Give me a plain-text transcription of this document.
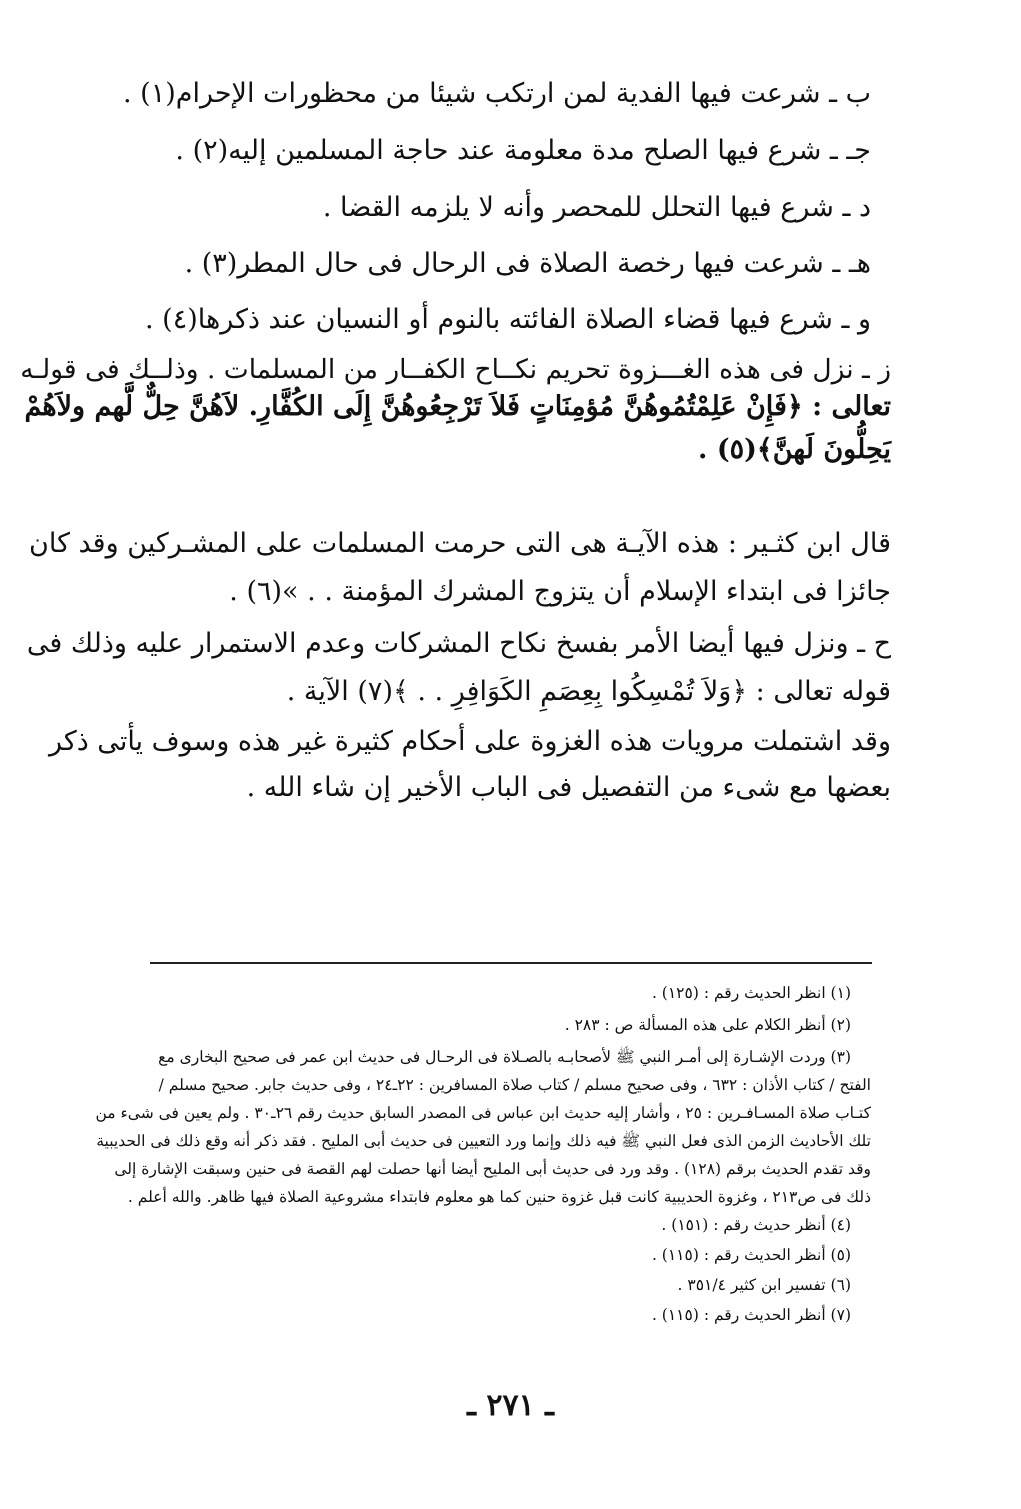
ب ـ شرعت فيها الفدية لمن ارتكب شيئا من محظورات الإحرام(١) .
جـ ـ شرع فيها الصلح مدة معلومة عند حاجة المسلمين إليه(٢) .
د ـ شرع فيها التحلل للمحصر وأنه لا يلزمه القضا .
هـ ـ شرعت فيها رخصة الصلاة فى الرحال فى حال المطر(٣) .
و ـ شرع فيها قضاء الصلاة الفائته بالنوم أو النسيان عند ذكرها(٤) .
ز ـ نزل فى هذه الغـــزوة تحريم نكــاح الكفــار من المسلمات . وذلــك فى قولـه
تعالى : ﴿فَإِنْ عَلِمْتُمُوهُنَّ مُؤمِنَاتٍ فَلاَ تَرْجِعُوهُنَّ إِلَى الكُفَّارِ. لاَهُنَّ حِلٌّ لَّهم ولاَهُمْ
يَحِلُّونَ لَهنَّ﴾(٥) .
قال ابن كثـير : هذه الآيـة هى التى حرمت المسلمات على المشـركين وقد كان
جائزا فى ابتداء الإسلام أن يتزوج المشرك المؤمنة . . »(٦) .
ح ـ ونزل فيها أيضا الأمر بفسخ نكاح المشركات وعدم الاستمرار عليه وذلك فى
قوله تعالى : ﴿وَلاَ تُمْسِكُوا بِعِصَمِ الكَوَافِرِ . . ﴾(٧) الآية .
وقد اشتملت مرويات هذه الغزوة على أحكام كثيرة غير هذه وسوف يأتى ذكر
بعضها مع شىء من التفصيل فى الباب الأخير إن شاء الله .
(١) انظر الحديث رقم : (١٢٥) .
(٢) أنظر الكلام على هذه المسألة ص : ٢٨٣ .
(٣) وردت الإشـارة إلى أمـر النبي ﷺ لأصحابـه بالصـلاة فى الرحـال فى حديث ابن عمر فى صحيح البخارى مع
الفتح / كتاب الأذان : ٦٣٢ ، وفى صحيح مسلم / كتاب صلاة المسافرين : ٢٢ـ٢٤ ، وفى حديث جابر. صحيح مسلم /
كتـاب صلاة المسـافـرين : ٢٥ ، وأشار إليه حديث ابن عباس فى المصدر السابق حديث رقم ٢٦ـ٣٠ . ولم يعين فى شىء من
تلك الأحاديث الزمن الذى فعل النبي ﷺ فيه ذلك وإنما ورد التعيين فى حديث أبى المليح . فقد ذكر أنه وقع ذلك فى الحديبية
وقد تقدم الحديث برقم (١٢٨) . وقد ورد فى حديث أبى المليح أيضا أنها حصلت لهم القصة فى حنين وسبقت الإشارة إلى
ذلك فى ص٢١٣ ، وغزوة الحديبية كانت قبل غزوة حنين كما هو معلوم فابتداء مشروعية الصلاة فيها ظاهر. والله أعلم .
(٤) أنظر حديث رقم : (١٥١) .
(٥) أنظر الحديث رقم : (١١٥) .
(٦) تفسير ابن كثير ٣٥١/٤ .
(٧) أنظر الحديث رقم : (١١٥) .
ـ ٢٧١ ـ
